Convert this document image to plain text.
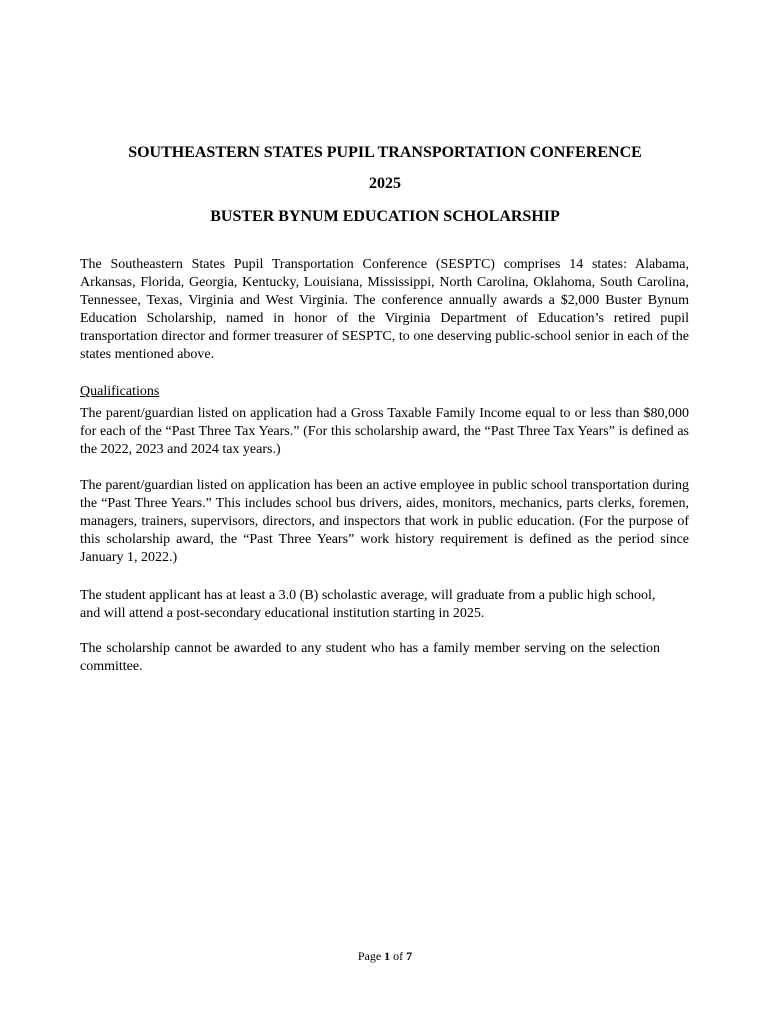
SOUTHEASTERN STATES PUPIL TRANSPORTATION CONFERENCE

2025

BUSTER BYNUM EDUCATION SCHOLARSHIP

The Southeastern States Pupil Transportation Conference (SESPTC) comprises 14 states: Alabama, Arkansas, Florida, Georgia, Kentucky, Louisiana, Mississippi, North Carolina, Oklahoma, South Carolina, Tennessee, Texas, Virginia and West Virginia. The conference annually awards a $2,000 Buster Bynum Education Scholarship, named in honor of the Virginia Department of Education’s retired pupil transportation director and former treasurer of SESPTC, to one deserving public-school senior in each of the states mentioned above.

Qualifications

The parent/guardian listed on application had a Gross Taxable Family Income equal to or less than $80,000 for each of the “Past Three Tax Years.” (For this scholarship award, the “Past Three Tax Years” is defined as the 2022, 2023 and 2024 tax years.)

The parent/guardian listed on application has been an active employee in public school transportation during the “Past Three Years.” This includes school bus drivers, aides, monitors, mechanics, parts clerks, foremen, managers, trainers, supervisors, directors, and inspectors that work in public education. (For the purpose of this scholarship award, the “Past Three Years” work history requirement is defined as the period since January 1, 2022.)

The student applicant has at least a 3.0 (B) scholastic average, will graduate from a public high school, and will attend a post-secondary educational institution starting in 2025.

The scholarship cannot be awarded to any student who has a family member serving on the selection committee.

Page 1 of 7
